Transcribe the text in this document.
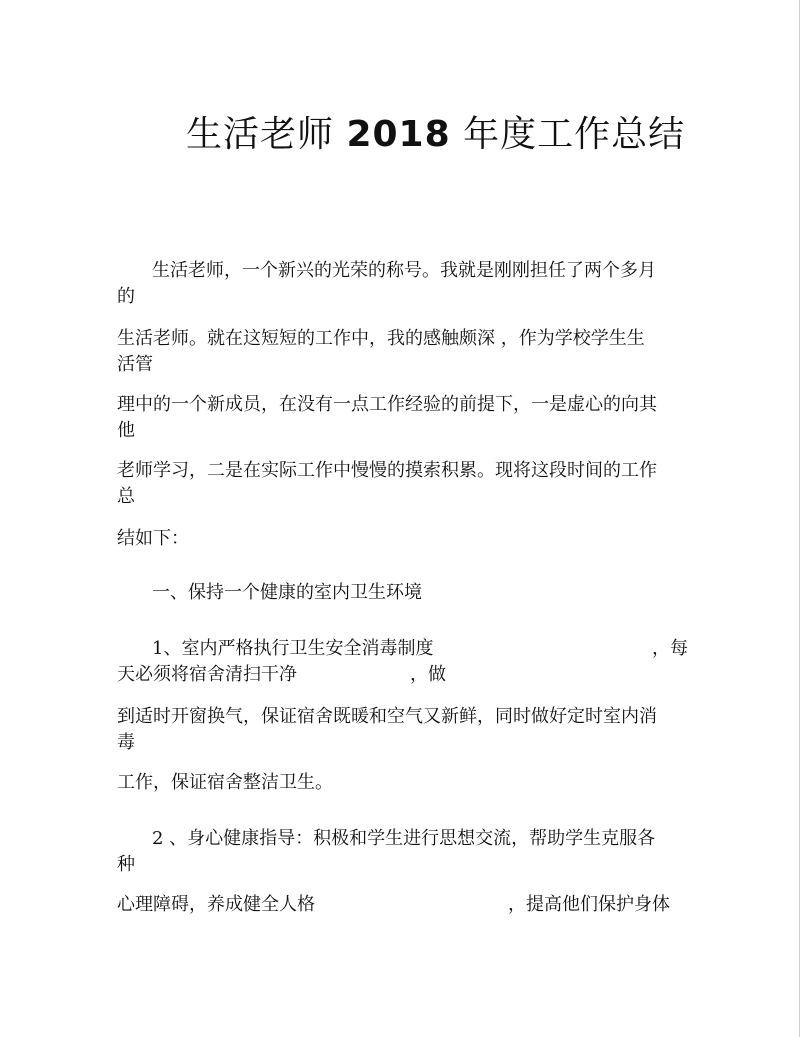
生活老师 2018 年度工作总结
生活老师，一个新兴的光荣的称号。我就是刚刚担任了两个多月
的
生活老师。就在这短短的工作中，我的感触颇深 ，作为学校学生生
活管
理中的一个新成员，在没有一点工作经验的前提下，一是虚心的向其
他
老师学习，二是在实际工作中慢慢的摸索积累。现将这段时间的工作
总
结如下：
一、保持一个健康的室内卫生环境
1、室内严格执行卫生安全消毒制度	，每
天必须将宿舍清扫干净	，做
到适时开窗换气，保证宿舍既暖和空气又新鲜，同时做好定时室内消
毒
工作，保证宿舍整洁卫生。
2 、身心健康指导：积极和学生进行思想交流，帮助学生克服各
种
心理障碍，养成健全人格	，提高他们保护身体
